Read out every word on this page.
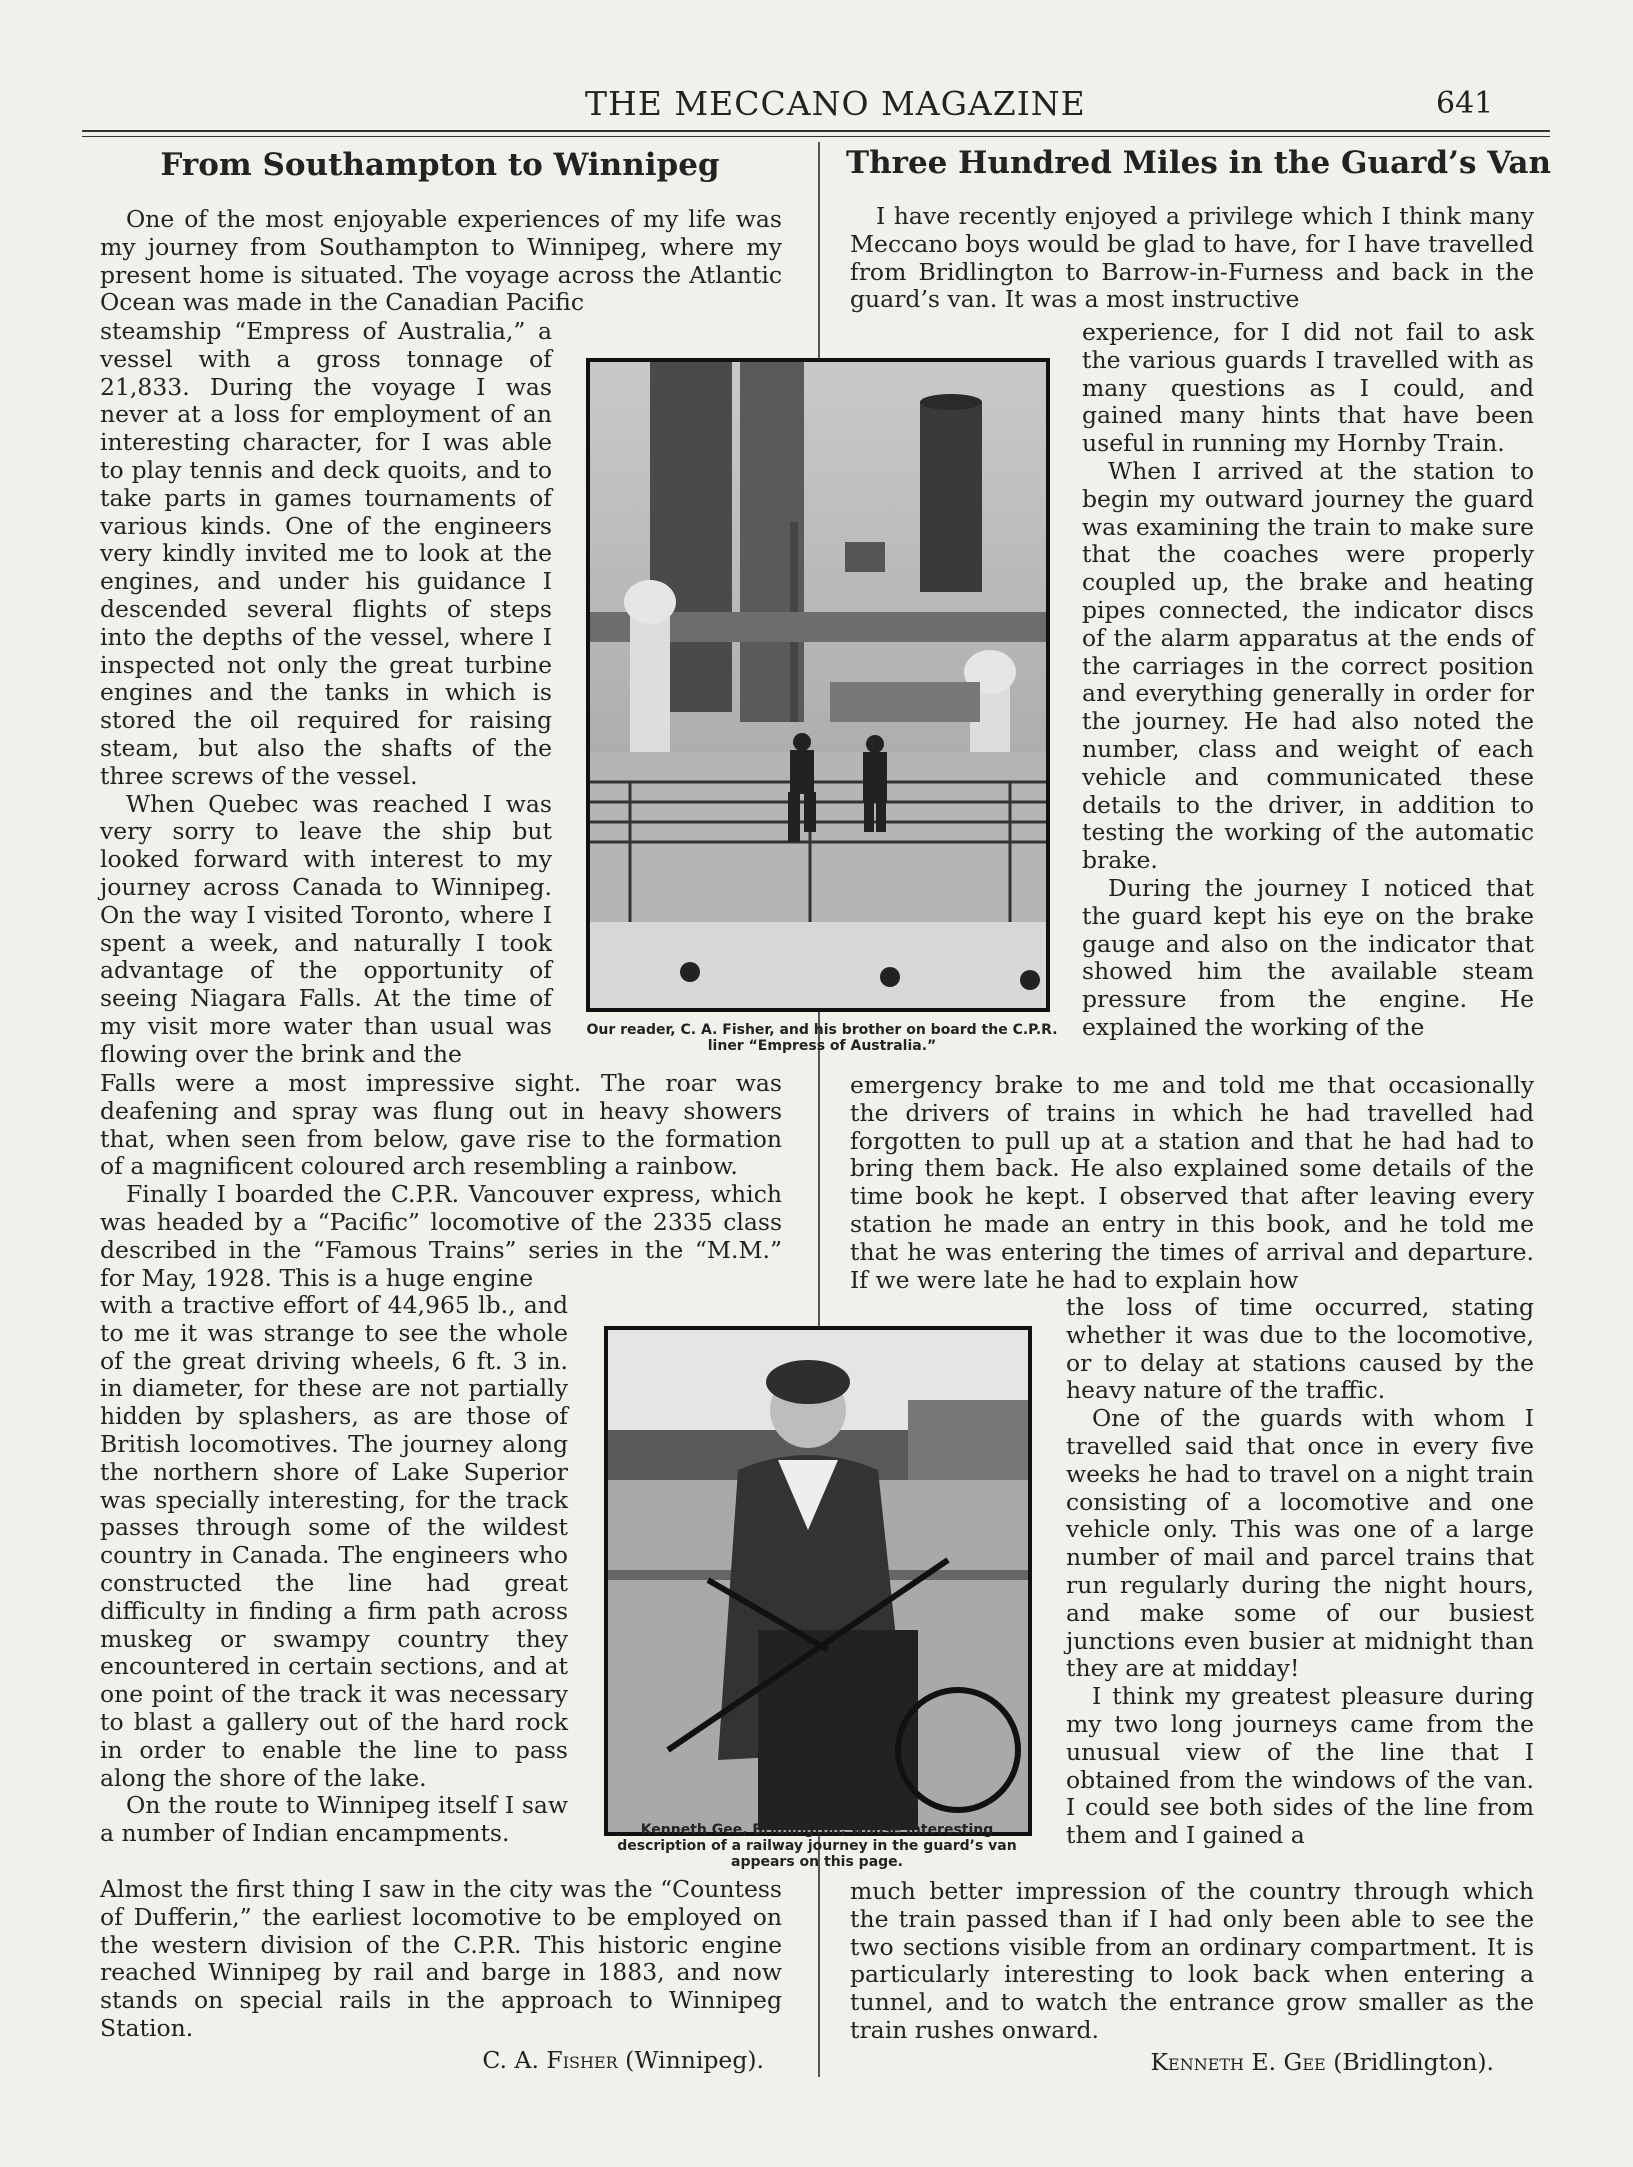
THE MECCANO MAGAZINE	641
From Southampton to Winnipeg

One of the most enjoyable experiences of my life was my journey from Southampton to Winnipeg, where my present home is situated. The voyage across the Atlantic Ocean was made in the Canadian Pacific

steamship “Empress of Australia,” a vessel with a gross tonnage of 21,833. During the voyage I was never at a loss for employment of an interesting character, for I was able to play tennis and deck quoits, and to take parts in games tournaments of various kinds. One of the engineers very kindly invited me to look at the engines, and under his guidance I descended several flights of steps into the depths of the vessel, where I inspected not only the great turbine engines and the tanks in which is stored the oil required for raising steam, but also the shafts of the three screws of the vessel.

When Quebec was reached I was very sorry to leave the ship but looked forward with interest to my journey across Canada to Winnipeg. On the way I visited Toronto, where I spent a week, and naturally I took advantage of the opportunity of seeing Niagara Falls. At the time of my visit more water than usual was flowing over the brink and the

Falls were a most impressive sight. The roar was deafening and spray was flung out in heavy showers that, when seen from below, gave rise to the formation of a magnificent coloured arch resembling a rainbow.

Finally I boarded the C.P.R. Vancouver express, which was headed by a “Pacific” locomotive of the 2335 class described in the “Famous Trains” series in the “M.M.” for May, 1928. This is a huge engine

with a tractive effort of 44,965 lb., and to me it was strange to see the whole of the great driving wheels, 6 ft. 3 in. in diameter, for these are not partially hidden by splashers, as are those of British locomotives. The journey along the northern shore of Lake Superior was specially interesting, for the track passes through some of the wildest country in Canada. The engineers who constructed the line had great difficulty in finding a firm path across muskeg or swampy country they encountered in certain sections, and at one point of the track it was necessary to blast a gallery out of the hard rock in order to enable the line to pass along the shore of the lake.

On the route to Winnipeg itself I saw a number of Indian encampments.

Almost the first thing I saw in the city was the “Countess of Dufferin,” the earliest locomotive to be employed on the western division of the C.P.R. This historic engine reached Winnipeg by rail and barge in 1883, and now stands on special rails in the approach to Winnipeg Station.

C. A. Fisher (Winnipeg).
Three Hundred Miles in the Guard’s Van

I have recently enjoyed a privilege which I think many Meccano boys would be glad to have, for I have travelled from Bridlington to Barrow-in-Furness and back in the guard’s van. It was a most instructive

experience, for I did not fail to ask the various guards I travelled with as many questions as I could, and gained many hints that have been useful in running my Hornby Train.

When I arrived at the station to begin my outward journey the guard was examining the train to make sure that the coaches were properly coupled up, the brake and heating pipes connected, the indicator discs of the alarm apparatus at the ends of the carriages in the correct position and everything generally in order for the journey. He had also noted the number, class and weight of each vehicle and communicated these details to the driver, in addition to testing the working of the automatic brake.

During the journey I noticed that the guard kept his eye on the brake gauge and also on the indicator that showed him the available steam pressure from the engine. He explained the working of the

emergency brake to me and told me that occasionally the drivers of trains in which he had travelled had forgotten to pull up at a station and that he had had to bring them back. He also explained some details of the time book he kept. I observed that after leaving every station he made an entry in this book, and he told me that he was entering the times of arrival and departure. If we were late he had to explain how

the loss of time occurred, stating whether it was due to the locomotive, or to delay at stations caused by the heavy nature of the traffic.

One of the guards with whom I travelled said that once in every five weeks he had to travel on a night train consisting of a locomotive and one vehicle only. This was one of a large number of mail and parcel trains that run regularly during the night hours, and make some of our busiest junctions even busier at midnight than they are at midday!

I think my greatest pleasure during my two long journeys came from the unusual view of the line that I obtained from the windows of the van. I could see both sides of the line from them and I gained a

much better impression of the country through which the train passed than if I had only been able to see the two sections visible from an ordinary compartment. It is particularly interesting to look back when entering a tunnel, and to watch the entrance grow smaller as the train rushes onward.

Kenneth E. Gee (Bridlington).
Our reader, C. A. Fisher, and his brother on board the C.P.R. liner “Empress of Australia.”
Kenneth Gee, Bridlington, whose interesting description of a railway journey in the guard’s van appears on this page.
